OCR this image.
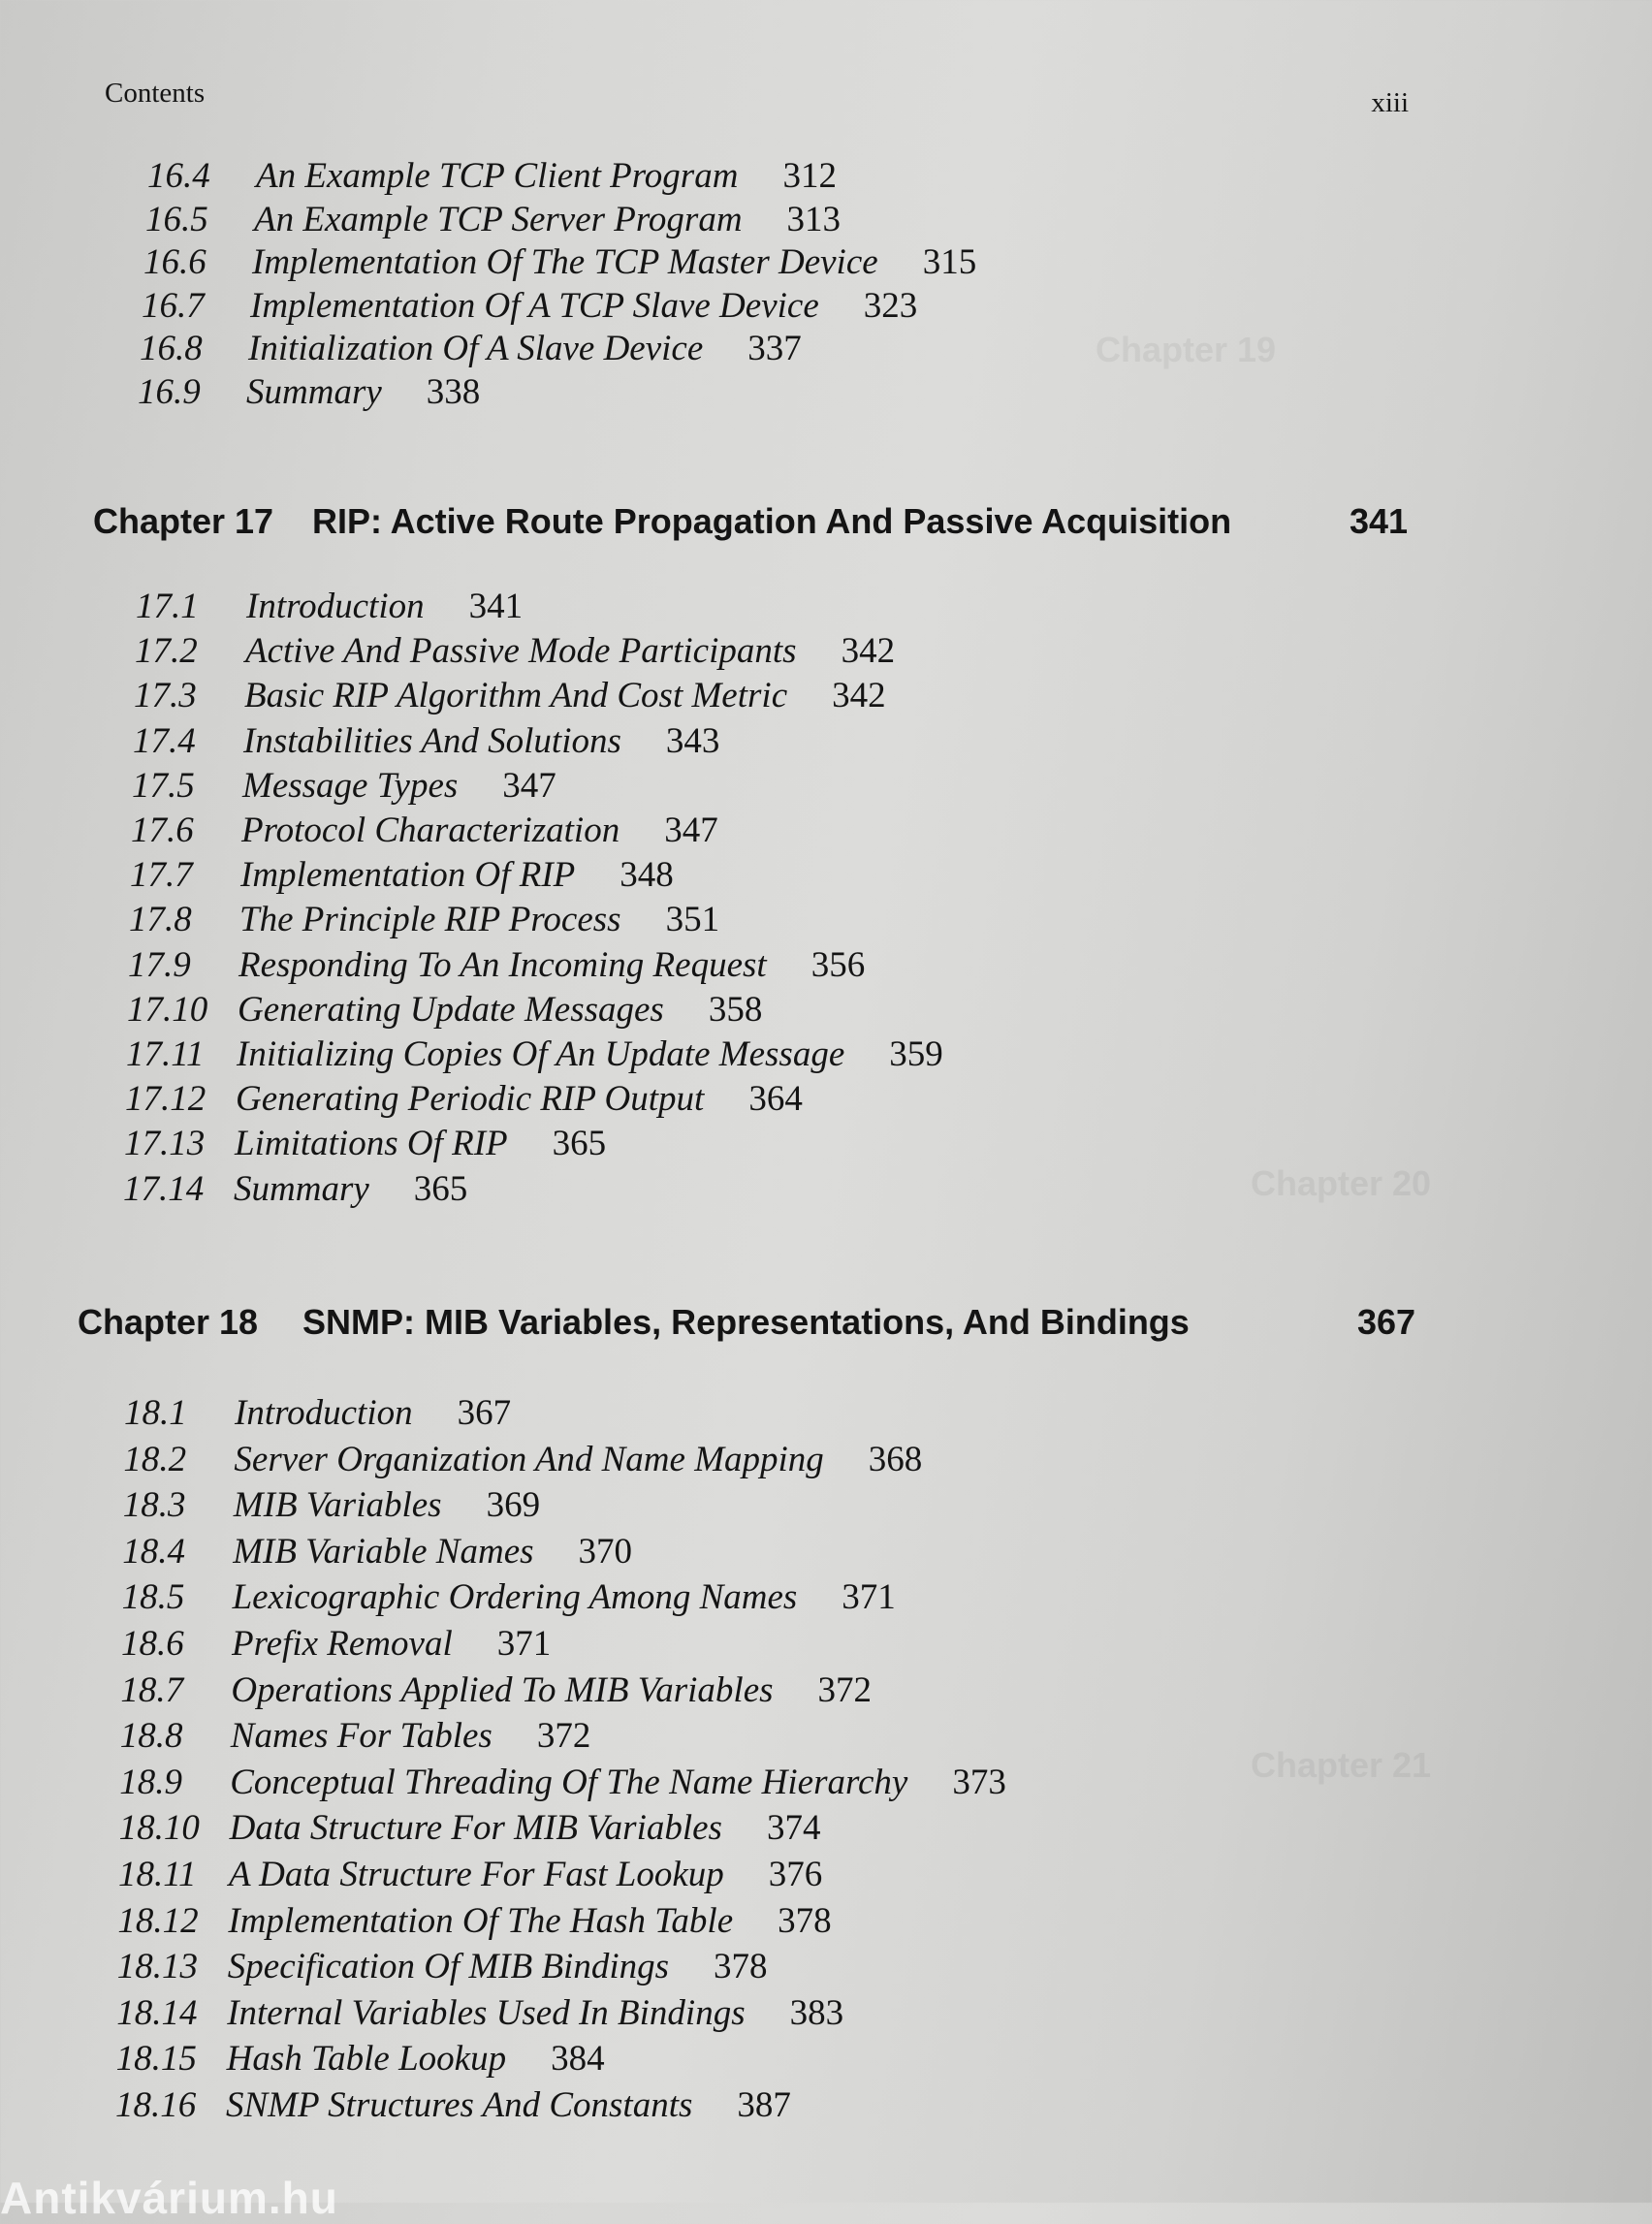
Contents	xiii
Chapter 19
Chapter 20
Chapter 21
16.4 An Example TCP Client Program 312
16.5 An Example TCP Server Program 313
16.6 Implementation Of The TCP Master Device 315
16.7 Implementation Of A TCP Slave Device 323
16.8 Initialization Of A Slave Device 337
16.9 Summary 338
Chapter 17 RIP: Active Route Propagation And Passive Acquisition	341
17.1 Introduction 341
17.2 Active And Passive Mode Participants 342
17.3 Basic RIP Algorithm And Cost Metric 342
17.4 Instabilities And Solutions 343
17.5 Message Types 347
17.6 Protocol Characterization 347
17.7 Implementation Of RIP 348
17.8 The Principle RIP Process 351
17.9 Responding To An Incoming Request 356
17.10 Generating Update Messages 358
17.11 Initializing Copies Of An Update Message 359
17.12 Generating Periodic RIP Output 364
17.13 Limitations Of RIP 365
17.14 Summary 365
Chapter 18 SNMP: MIB Variables, Representations, And Bindings	367
18.1 Introduction 367
18.2 Server Organization And Name Mapping 368
18.3 MIB Variables 369
18.4 MIB Variable Names 370
18.5 Lexicographic Ordering Among Names 371
18.6 Prefix Removal 371
18.7 Operations Applied To MIB Variables 372
18.8 Names For Tables 372
18.9 Conceptual Threading Of The Name Hierarchy 373
18.10 Data Structure For MIB Variables 374
18.11 A Data Structure For Fast Lookup 376
18.12 Implementation Of The Hash Table 378
18.13 Specification Of MIB Bindings 378
18.14 Internal Variables Used In Bindings 383
18.15 Hash Table Lookup 384
18.16 SNMP Structures And Constants 387
Antikvárium.hu
